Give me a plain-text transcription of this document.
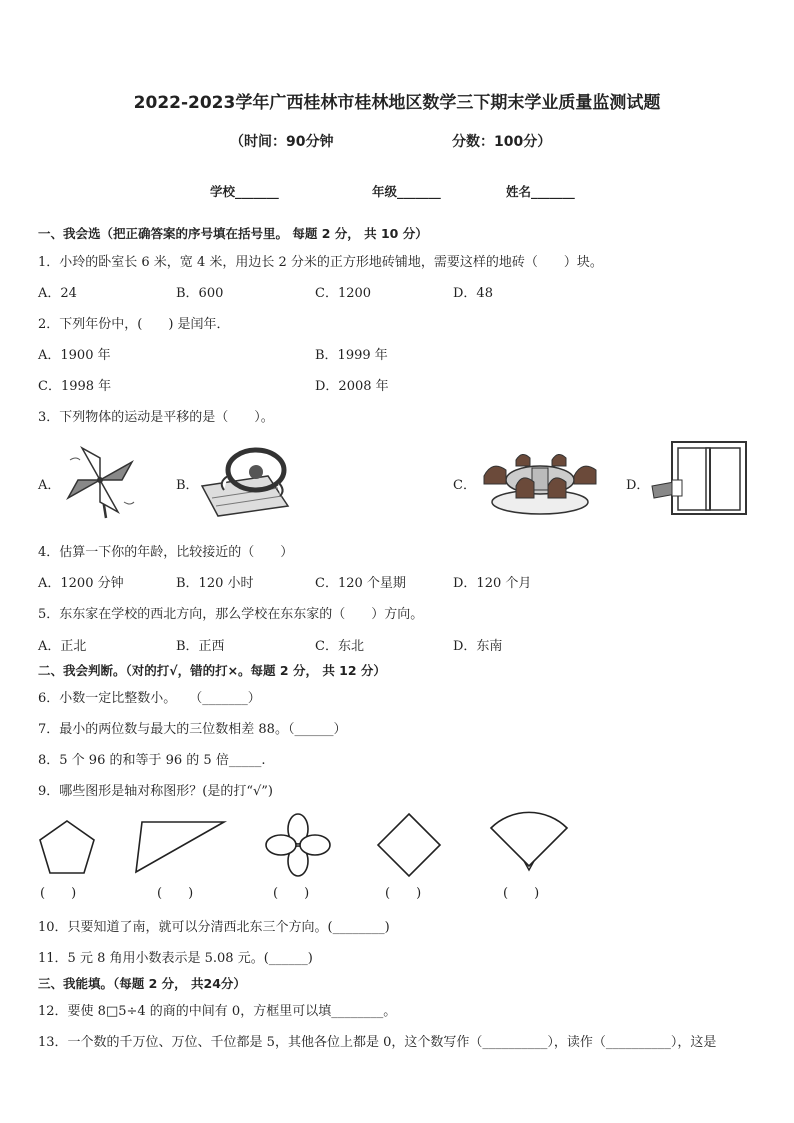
2022-2023学年广西桂林市桂林地区数学三下期末学业质量监测试题
（时间：90分钟	分数：100分）
学校_______	年级_______	姓名_______
一、我会选（把正确答案的序号填在括号里。 每题 2 分， 共 10 分）
1．小玲的卧室长 6 米，宽 4 米，用边长 2 分米的正方形地砖铺地，需要这样的地砖（　　）块。
A．24	B．600	C．1200	D．48
2．下列年份中，(　　) 是闰年．
A．1900 年	B．1999 年
C．1998 年	D．2008 年
3．下列物体的运动是平移的是（　　）。
A．	B．	C．	D．
4．估算一下你的年龄，比较接近的（　　）
A．1200 分钟	B．120 小时	C．120 个星期	D．120 个月
5．东东家在学校的西北方向，那么学校在东东家的（　　）方向。
A．正北	B．正西	C．东北	D．东南
二、我会判断。（对的打√，错的打×。每题 2 分， 共 12 分）
6．小数一定比整数小。　　（_______）
7．最小的两位数与最大的三位数相差 88。（______）
8．5 个 96 的和等于 96 的 5 倍_____.
9．哪些图形是轴对称图形？(是的打“√”)
(　　)	(　　)	(　　)	(　　)	(　　)
10．只要知道了南，就可以分清西北东三个方向。(________)
11．5 元 8 角用小数表示是 5.08 元。(______)
三、我能填。（每题 2 分， 共24分）
12．要使 8□5÷4 的商的中间有 0，方框里可以填________。
13．一个数的千万位、万位、千位都是 5，其他各位上都是 0，这个数写作（__________），读作（__________），这是
